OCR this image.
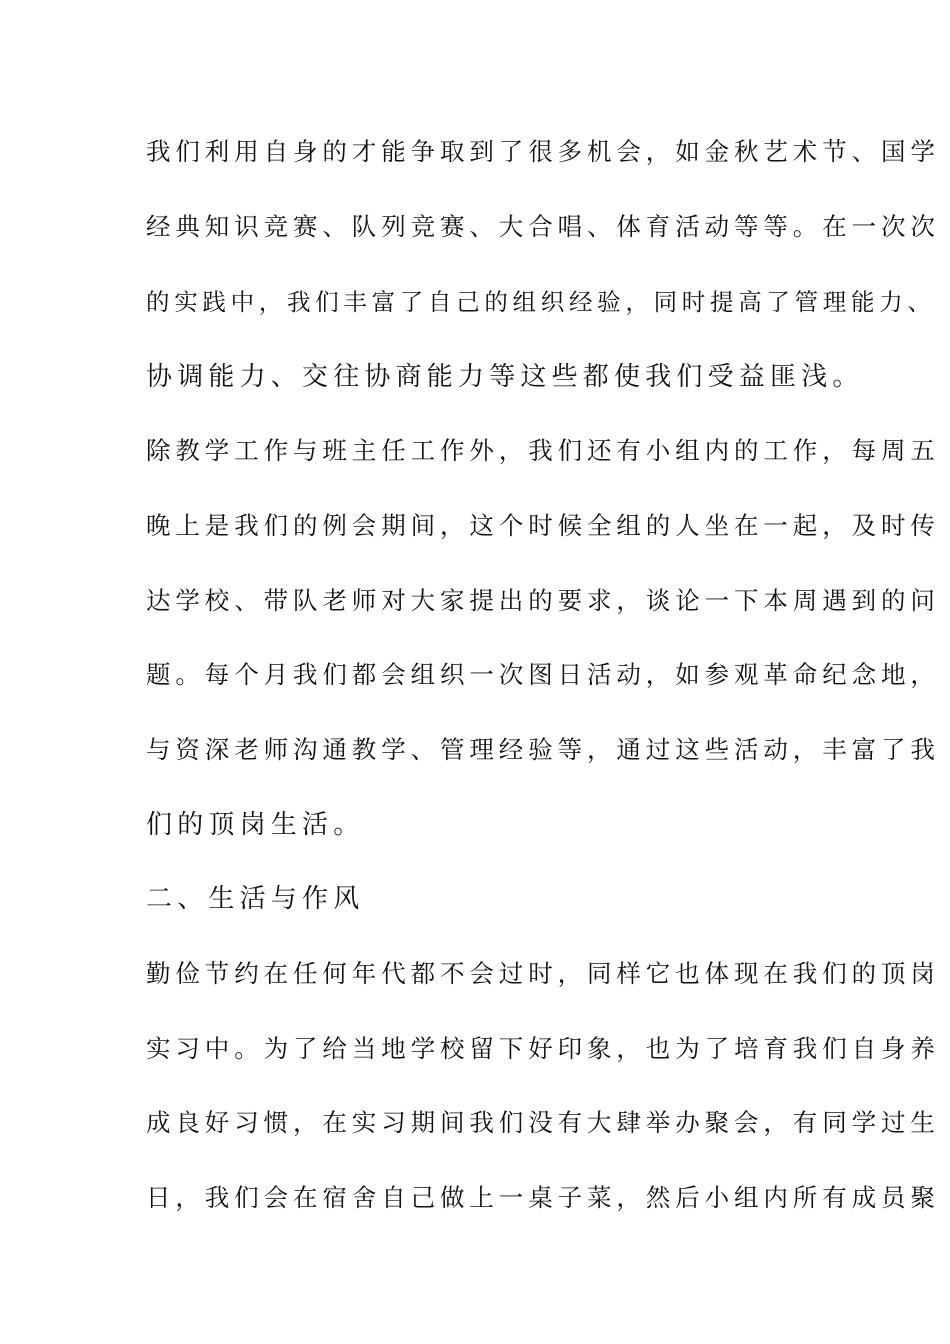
我们利用自身的才能争取到了很多机会，如金秋艺术节、国学
经典知识竞赛、队列竞赛、大合唱、体育活动等等。在一次次
的实践中，我们丰富了自己的组织经验，同时提高了管理能力、
协调能力、交往协商能力等这些都使我们受益匪浅。
除教学工作与班主任工作外，我们还有小组内的工作，每周五
晚上是我们的例会期间，这个时候全组的人坐在一起，及时传
达学校、带队老师对大家提出的要求，谈论一下本周遇到的问
题。每个月我们都会组织一次图日活动，如参观革命纪念地，
与资深老师沟通教学、管理经验等，通过这些活动，丰富了我
们的顶岗生活。
二、生活与作风
勤俭节约在任何年代都不会过时，同样它也体现在我们的顶岗
实习中。为了给当地学校留下好印象，也为了培育我们自身养
成良好习惯，在实习期间我们没有大肆举办聚会，有同学过生
日，我们会在宿舍自己做上一桌子菜，然后小组内所有成员聚
